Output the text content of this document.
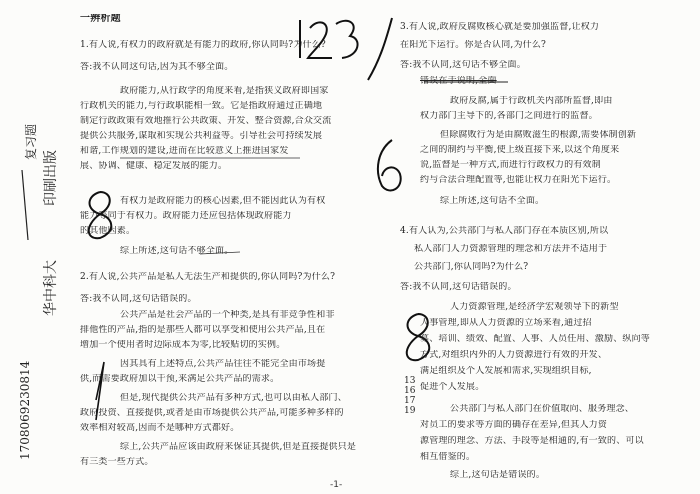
1708069230814
华中科大
印刷出版
复习题
一辨析题
1.有人说,有权力的政府就是有能力的政府,你认同吗?为什么?
答:我不认同这句话,因为其不够全面。
政府能力,从行政学的角度来看,是指狭义政府即国家
行政机关的能力,与行政职能相一致。它是指政府通过正确地
制定行政政策有效地推行公共政策、开发、整合资源,合众交流
提供公共服务,谋取和实现公共利益等。引导社会可持续发展
和谐,工作规划的建设,进而在比较意义上推进国家发
展、协调、健康、稳定发展的能力。
有权力是政府能力的核心因素,但不能因此认为有权
能力等同于有权力。政府能力还应包括体现政府能力
的其他因素。
综上所述,这句话不够全面。
2.有人说,公共产品是私人无法生产和提供的,你认同吗?为什么?
答:我不认同,这句话错误的。
公共产品是社会产品的一个种类,是具有非竞争性和非
排他性的产品,指的是那些人都可以享受和使用公共产品,且在
增加一个使用者时边际成本为零,比较贴切的实例。
因其具有上述特点,公共产品往往不能完全由市场提
供,而需要政府加以干预,来满足公共产品的需求。
但是,现代提供公共产品有多种方式,也可以由私人部门、
政府投资、直接提供,或者是由市场提供公共产品,可能多种多样的
效率相对较高,因而不是哪种方式都好。
综上,公共产品应该由政府来保证其提供,但是直接提供只是
有三类一些方式。
3.有人说,政府反腐败核心就是要加强监督,让权力
在阳光下运行。你是否认同,为什么?
答:我不认同,这句话不够全面。
错误在于说明,全面
政府反腐,属于行政机关内部所监督,即由
权力部门主导下的,各部门之间进行的监督。
但除腐败行为是由腐败滋生的根源,需要体制创新
之间的制约与平衡,使上级直接下来,以这个角度来
说,监督是一种方式,而进行行政权力的有效制
约与合法合理配置等,也能让权力在阳光下运行。
综上所述,这句话不全面。
4.有人认为,公共部门与私人部门存在本质区别,所以
私人部门人力资源管理的理念和方法并不适用于
公共部门,你认同吗?为什么?
答:我不认同,这句话错误的。
人力资源管理,是经济学宏观领导下的新型
人事管理,即从人力资源的立场来看,通过招
募、培训、绩效、配置、人事、人员任用、激励、纵向等
方式,对组织内外的人力资源进行有效的开发、
满足组织及个人发展和需求,实现组织目标,
促进个人发展。
公共部门与私人部门在价值取向、服务理念、
对员工的要求等方面的确存在差异,但其人力资
源管理的理念、方法、手段等是相通的,有一致的、可以
相互借鉴的。
综上,这句话是错误的。
13
16
17
19
-1-
